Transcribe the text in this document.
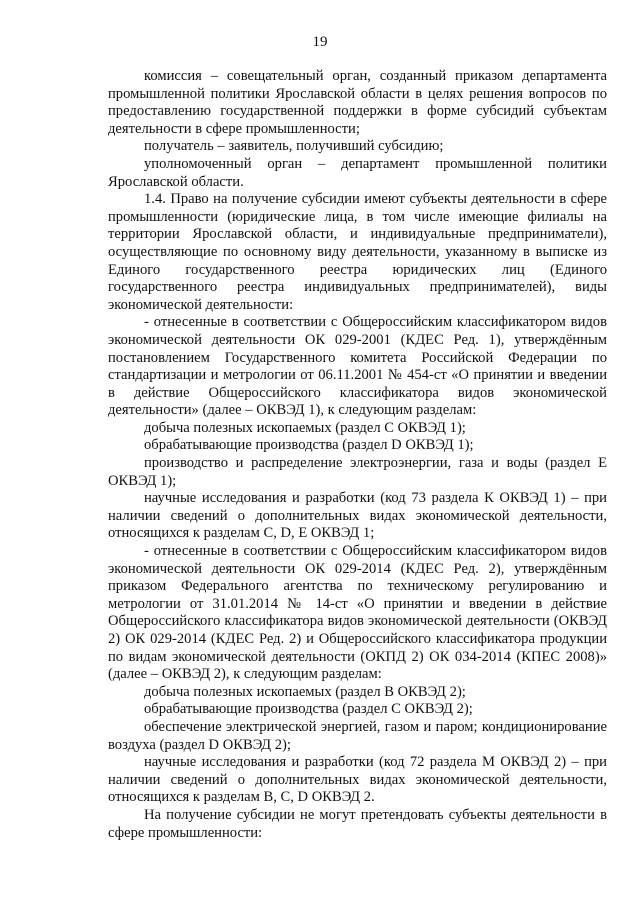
19

комиссия – совещательный орган, созданный приказом департамента промышленной политики Ярославской области в целях решения вопросов по предоставлению государственной поддержки в форме субсидий субъектам деятельности в сфере промышленности;

получатель – заявитель, получивший субсидию;

уполномоченный орган – департамент промышленной политики Ярославской области.

1.4. Право на получение субсидии имеют субъекты деятельности в сфере промышленности (юридические лица, в том числе имеющие филиалы на территории Ярославской области, и индивидуальные предприниматели), осуществляющие по основному виду деятельности, указанному в выписке из Единого государственного реестра юридических лиц (Единого государственного реестра индивидуальных предпринимателей), виды экономической деятельности:

- отнесенные в соответствии с Общероссийским классификатором видов экономической деятельности ОК 029-2001 (КДЕС Ред. 1), утверждённым постановлением Государственного комитета Российской Федерации по стандартизации и метрологии от 06.11.2001 № 454-ст «О принятии и введении в действие Общероссийского классификатора видов экономической деятельности» (далее – ОКВЭД 1), к следующим разделам:

добыча полезных ископаемых (раздел С ОКВЭД 1);

обрабатывающие производства (раздел D ОКВЭД 1);

производство и распределение электроэнергии, газа и воды (раздел Е ОКВЭД 1);

научные исследования и разработки (код 73 раздела К ОКВЭД 1) – при наличии сведений о дополнительных видах экономической деятельности, относящихся к разделам С, D, Е ОКВЭД 1;

- отнесенные в соответствии с Общероссийским классификатором видов экономической деятельности ОК 029-2014 (КДЕС Ред. 2), утверждённым приказом Федерального агентства по техническому регулированию и метрологии от 31.01.2014 № 14-ст «О принятии и введении в действие Общероссийского классификатора видов экономической деятельности (ОКВЭД 2) ОК 029-2014 (КДЕС Ред. 2) и Общероссийского классификатора продукции по видам экономической деятельности (ОКПД 2) ОК 034-2014 (КПЕС 2008)» (далее – ОКВЭД 2), к следующим разделам:

добыча полезных ископаемых (раздел В ОКВЭД 2);

обрабатывающие производства (раздел С ОКВЭД 2);

обеспечение электрической энергией, газом и паром; кондиционирование воздуха (раздел D ОКВЭД 2);

научные исследования и разработки (код 72 раздела М ОКВЭД 2) – при наличии сведений о дополнительных видах экономической деятельности, относящихся к разделам В, С, D ОКВЭД 2.

На получение субсидии не могут претендовать субъекты деятельности в сфере промышленности:
